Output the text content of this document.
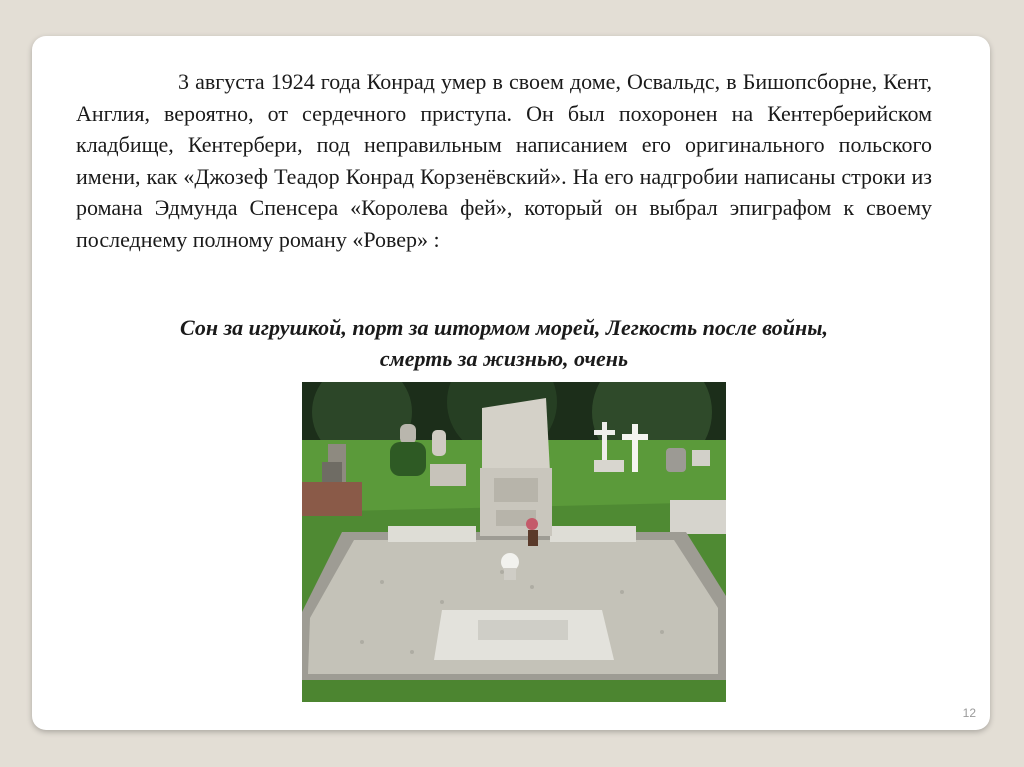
3 августа 1924 года Конрад умер в своем доме, Освальдс, в Бишопсборне, Кент, Англия, вероятно, от сердечного приступа. Он был похоронен на Кентерберийском кладбище, Кентербери, под неправильным написанием его оригинального польского имени, как «Джозеф Теадор Конрад Корзенёвский». На его надгробии написаны строки из романа Эдмунда Спенсера «Королева фей», который он выбрал эпиграфом к своему последнему полному роману «Ровер» :

Сон за игрушкой, порт за штормом морей, Легкость после войны,
смерть за жизнью, очень

12
